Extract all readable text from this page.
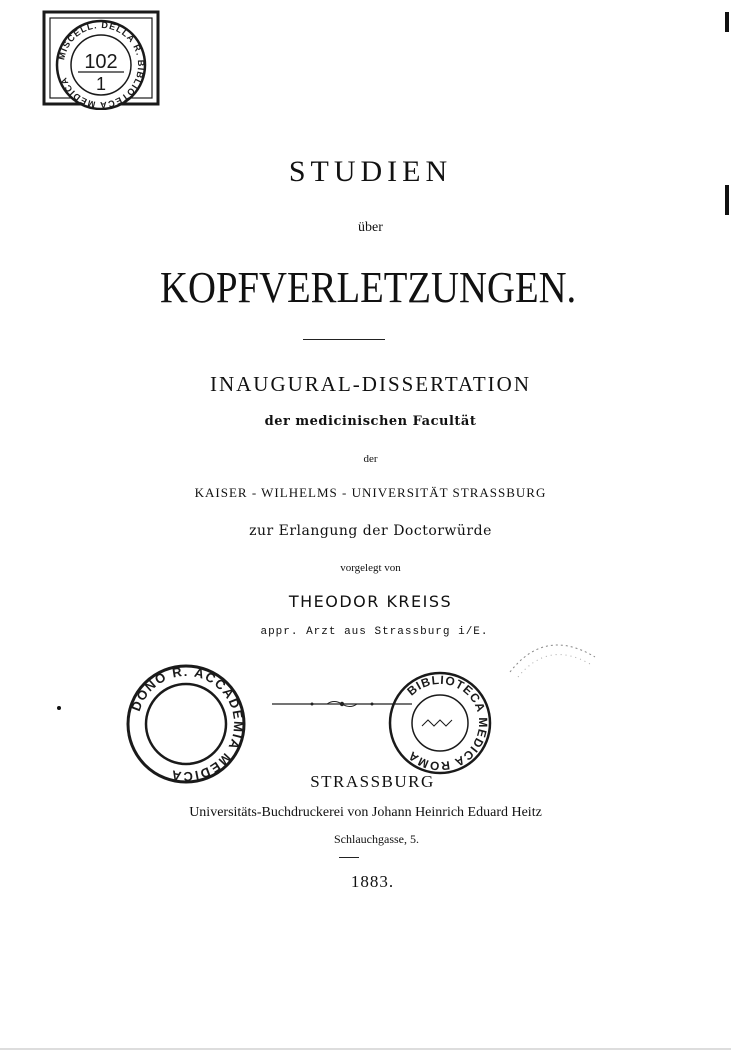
MISCELL. DELLA R. BIBLIOTECA MEDICA
102
1
STUDIEN
über
KOPFVERLETZUNGEN.
INAUGURAL-DISSERTATION
der medicinischen Facultät
der
KAISER - WILHELMS - UNIVERSITÄT STRASSBURG
zur Erlangung der Doctorwürde
vorgelegt von
THEODOR KREISS
appr. Arzt aus Strassburg i/E.
DONO R. ACCADEMIA MEDICA
BIBLIOTECA MEDICA ROMA
STRASSBURG
Universitäts-Buchdruckerei von Johann Heinrich Eduard Heitz
Schlauchgasse, 5.
1883.
